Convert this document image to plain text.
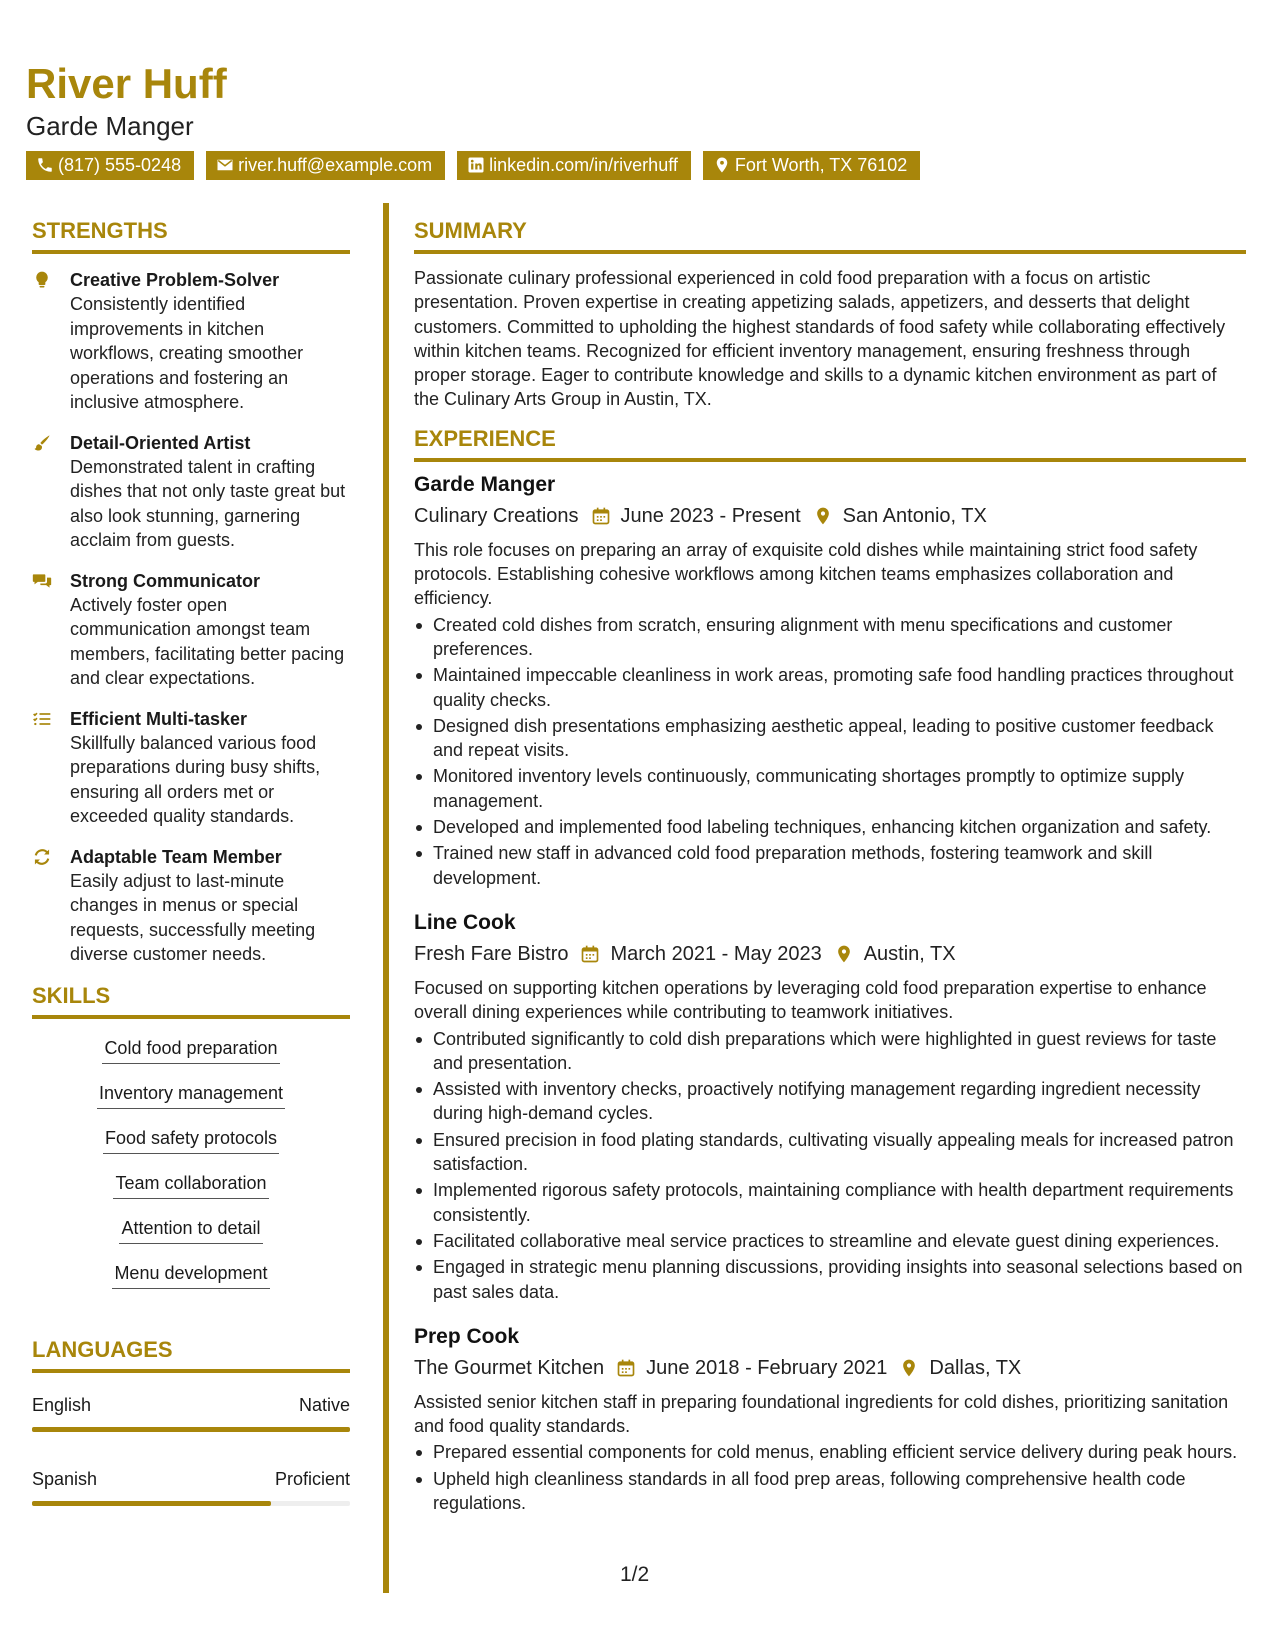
River Huff
Garde Manger
(817) 555-0248	river.huff@example.com	linkedin.com/in/riverhuff	Fort Worth, TX 76102
STRENGTHS
Creative Problem-Solver
Consistently identified improvements in kitchen workflows, creating smoother operations and fostering an inclusive atmosphere.
Detail-Oriented Artist
Demonstrated talent in crafting dishes that not only taste great but also look stunning, garnering acclaim from guests.
Strong Communicator
Actively foster open communication amongst team members, facilitating better pacing and clear expectations.
Efficient Multi-tasker
Skillfully balanced various food preparations during busy shifts, ensuring all orders met or exceeded quality standards.
Adaptable Team Member
Easily adjust to last-minute changes in menus or special requests, successfully meeting diverse customer needs.
SKILLS
Cold food preparation
Inventory management
Food safety protocols
Team collaboration
Attention to detail
Menu development
LANGUAGES
English	Native
Spanish	Proficient
SUMMARY
Passionate culinary professional experienced in cold food preparation with a focus on artistic presentation. Proven expertise in creating appetizing salads, appetizers, and desserts that delight customers. Committed to upholding the highest standards of food safety while collaborating effectively within kitchen teams. Recognized for efficient inventory management, ensuring freshness through proper storage. Eager to contribute knowledge and skills to a dynamic kitchen environment as part of the Culinary Arts Group in Austin, TX.
EXPERIENCE
Garde Manger
Culinary Creations June 2023 - Present San Antonio, TX
This role focuses on preparing an array of exquisite cold dishes while maintaining strict food safety protocols. Establishing cohesive workflows among kitchen teams emphasizes collaboration and efficiency.
Created cold dishes from scratch, ensuring alignment with menu specifications and customer preferences.
Maintained impeccable cleanliness in work areas, promoting safe food handling practices throughout quality checks.
Designed dish presentations emphasizing aesthetic appeal, leading to positive customer feedback and repeat visits.
Monitored inventory levels continuously, communicating shortages promptly to optimize supply management.
Developed and implemented food labeling techniques, enhancing kitchen organization and safety.
Trained new staff in advanced cold food preparation methods, fostering teamwork and skill development.
Line Cook
Fresh Fare Bistro March 2021 - May 2023 Austin, TX
Focused on supporting kitchen operations by leveraging cold food preparation expertise to enhance overall dining experiences while contributing to teamwork initiatives.
Contributed significantly to cold dish preparations which were highlighted in guest reviews for taste and presentation.
Assisted with inventory checks, proactively notifying management regarding ingredient necessity during high-demand cycles.
Ensured precision in food plating standards, cultivating visually appealing meals for increased patron satisfaction.
Implemented rigorous safety protocols, maintaining compliance with health department requirements consistently.
Facilitated collaborative meal service practices to streamline and elevate guest dining experiences.
Engaged in strategic menu planning discussions, providing insights into seasonal selections based on past sales data.
Prep Cook
The Gourmet Kitchen June 2018 - February 2021 Dallas, TX
Assisted senior kitchen staff in preparing foundational ingredients for cold dishes, prioritizing sanitation and food quality standards.
Prepared essential components for cold menus, enabling efficient service delivery during peak hours.
Upheld high cleanliness standards in all food prep areas, following comprehensive health code regulations.
1/2
